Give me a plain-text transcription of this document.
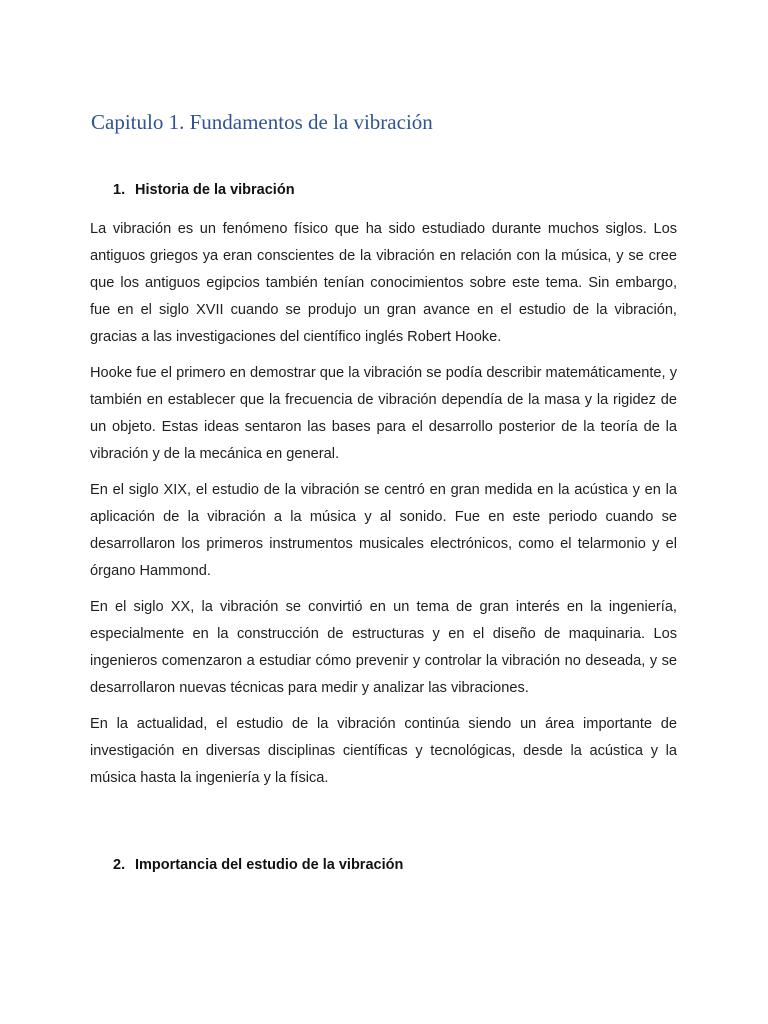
Capitulo 1. Fundamentos de la vibración
1. Historia de la vibración

La vibración es un fenómeno físico que ha sido estudiado durante muchos siglos. Los antiguos griegos ya eran conscientes de la vibración en relación con la música, y se cree que los antiguos egipcios también tenían conocimientos sobre este tema. Sin embargo, fue en el siglo XVII cuando se produjo un gran avance en el estudio de la vibración, gracias a las investigaciones del científico inglés Robert Hooke.

Hooke fue el primero en demostrar que la vibración se podía describir matemáticamente, y también en establecer que la frecuencia de vibración dependía de la masa y la rigidez de un objeto. Estas ideas sentaron las bases para el desarrollo posterior de la teoría de la vibración y de la mecánica en general.

En el siglo XIX, el estudio de la vibración se centró en gran medida en la acústica y en la aplicación de la vibración a la música y al sonido. Fue en este periodo cuando se desarrollaron los primeros instrumentos musicales electrónicos, como el telarmonio y el órgano Hammond.

En el siglo XX, la vibración se convirtió en un tema de gran interés en la ingeniería, especialmente en la construcción de estructuras y en el diseño de maquinaria. Los ingenieros comenzaron a estudiar cómo prevenir y controlar la vibración no deseada, y se desarrollaron nuevas técnicas para medir y analizar las vibraciones.

En la actualidad, el estudio de la vibración continúa siendo un área importante de investigación en diversas disciplinas científicas y tecnológicas, desde la acústica y la música hasta la ingeniería y la física.

2. Importancia del estudio de la vibración
